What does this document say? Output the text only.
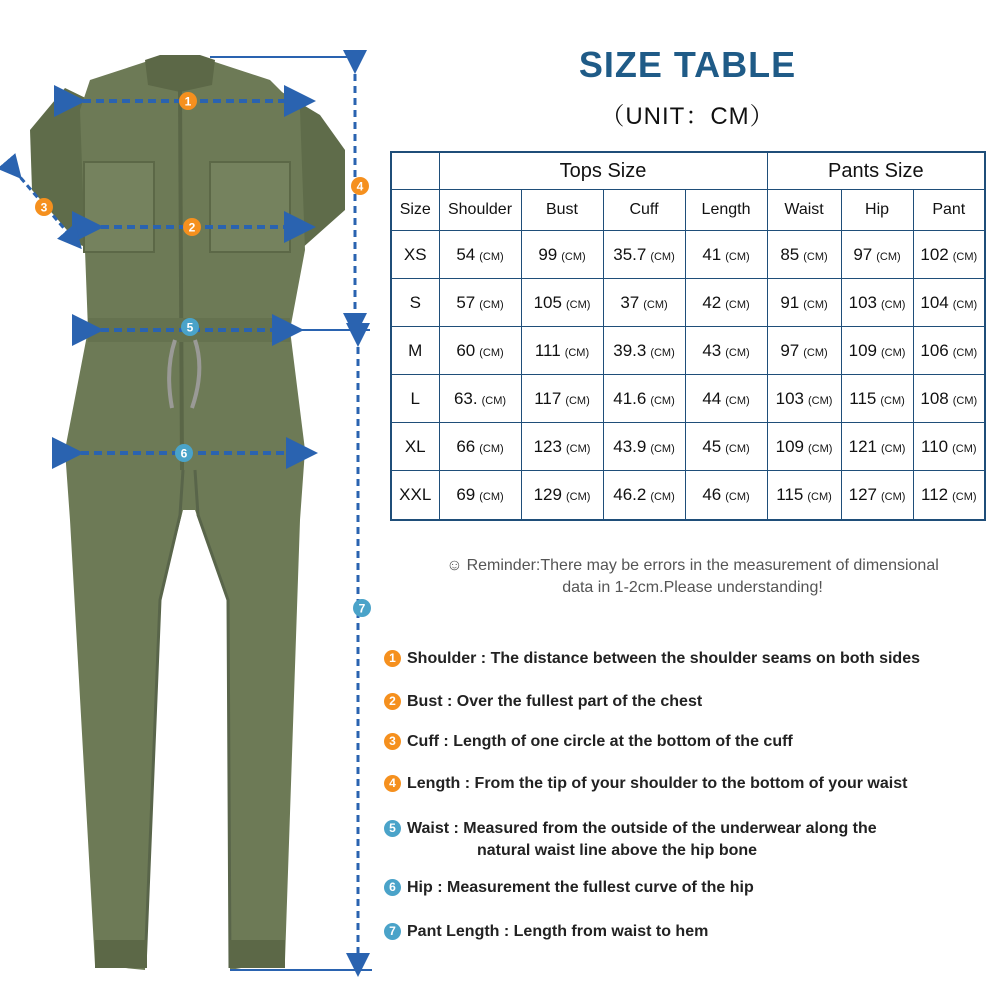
1
2
3
4
5
6
7
SIZE TABLE
（UNIT：CM）
	Tops Size				Pants Size		
Size	Shoulder	Bust	Cuff	Length	Waist	Hip	Pant
XS	54 (CM)	99 (CM)	35.7 (CM)	41 (CM)	85 (CM)	97 (CM)	102 (CM)
S	57 (CM)	105 (CM)	37 (CM)	42 (CM)	91 (CM)	103 (CM)	104 (CM)
M	60 (CM)	111 (CM)	39.3 (CM)	43 (CM)	97 (CM)	109 (CM)	106 (CM)
L	63. (CM)	117 (CM)	41.6 (CM)	44 (CM)	103 (CM)	115 (CM)	108 (CM)
XL	66 (CM)	123 (CM)	43.9 (CM)	45 (CM)	109 (CM)	121 (CM)	110 (CM)
XXL	69 (CM)	129 (CM)	46.2 (CM)	46 (CM)	115 (CM)	127 (CM)	112 (CM)
☺ Reminder:There may be errors in the measurement of dimensional
data in 1-2cm.Please understanding!
1 Shoulder : The distance between the shoulder seams on both sides
2 Bust : Over the fullest part of the chest
3 Cuff : Length of one circle at the bottom of the cuff
4 Length : From the tip of your shoulder to the bottom of your waist
5 Waist : Measured from the outside of the underwear along the
natural waist line above the hip bone
6 Hip : Measurement the fullest curve of the hip
7 Pant Length : Length from waist to hem
